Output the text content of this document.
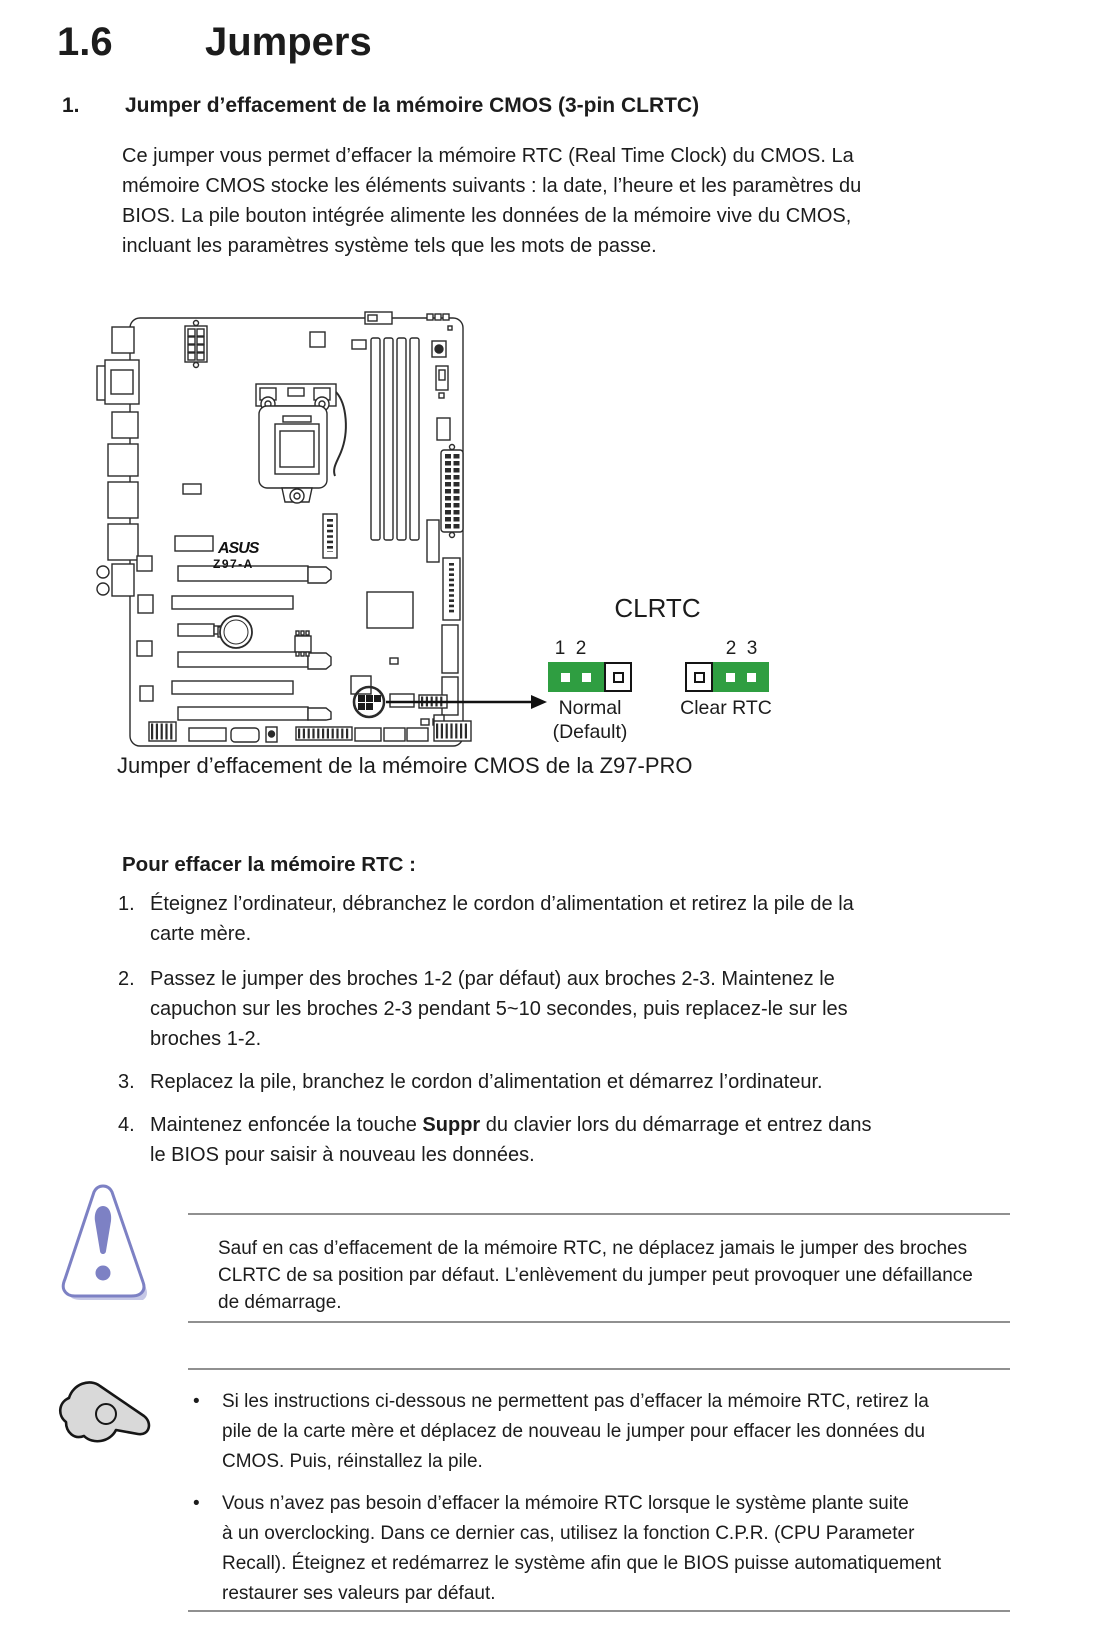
1.6 Jumpers
1. Jumper d’effacement de la mémoire CMOS (3-pin CLRTC)
Ce jumper vous permet d’effacer la mémoire RTC (Real Time Clock) du CMOS. La
mémoire CMOS stocke les éléments suivants : la date, l’heure et les paramètres du
BIOS. La pile bouton intégrée alimente les données de la mémoire vive du CMOS,
incluant les paramètres système tels que les mots de passe.
ASUS
Z97-A
CLRTC
1 2	2 3
Normal
(Default)
Clear RTC
Jumper d’effacement de la mémoire CMOS de la Z97-PRO
Pour effacer la mémoire RTC :
1. Éteignez l’ordinateur, débranchez le cordon d’alimentation et retirez la pile de la
carte mère.
2. Passez le jumper des broches 1-2 (par défaut) aux broches 2-3. Maintenez le
capuchon sur les broches 2-3 pendant 5~10 secondes, puis replacez-le sur les
broches 1-2.
3. Replacez la pile, branchez le cordon d’alimentation et démarrez l’ordinateur.
4. Maintenez enfoncée la touche Suppr du clavier lors du démarrage et entrez dans
le BIOS pour saisir à nouveau les données.
Sauf en cas d’effacement de la mémoire RTC, ne déplacez jamais le jumper des broches
CLRTC de sa position par défaut. L’enlèvement du jumper peut provoquer une défaillance
de démarrage.
• Si les instructions ci-dessous ne permettent pas d’effacer la mémoire RTC, retirez la
pile de la carte mère et déplacez de nouveau le jumper pour effacer les données du
CMOS. Puis, réinstallez la pile.
• Vous n’avez pas besoin d’effacer la mémoire RTC lorsque le système plante suite
à un overclocking. Dans ce dernier cas, utilisez la fonction C.P.R. (CPU Parameter
Recall). Éteignez et redémarrez le système afin que le BIOS puisse automatiquement
restaurer ses valeurs par défaut.
